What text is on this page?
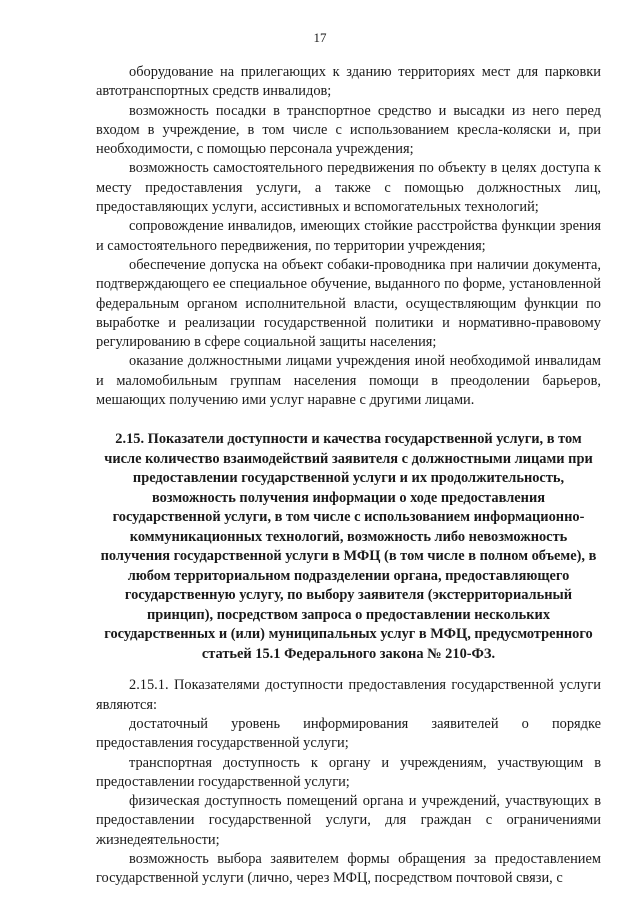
17

оборудование на прилегающих к зданию территориях мест для парковки автотранспортных средств инвалидов;

возможность посадки в транспортное средство и высадки из него перед входом в учреждение, в том числе с использованием кресла-коляски и, при необходимости, с помощью персонала учреждения;

возможность самостоятельного передвижения по объекту в целях доступа к месту предоставления услуги, а также с помощью должностных лиц, предоставляющих услуги, ассистивных и вспомогательных технологий;

сопровождение инвалидов, имеющих стойкие расстройства функции зрения и самостоятельного передвижения, по территории учреждения;

обеспечение допуска на объект собаки-проводника при наличии документа, подтверждающего ее специальное обучение, выданного по форме, установленной федеральным органом исполнительной власти, осуществляющим функции по выработке и реализации государственной политики и нормативно-правовому регулированию в сфере социальной защиты населения;

оказание должностными лицами учреждения иной необходимой инвалидам и маломобильным группам населения помощи в преодолении барьеров, мешающих получению ими услуг наравне с другими лицами.

2.15. Показатели доступности и качества государственной услуги, в том числе количество взаимодействий заявителя с должностными лицами при предоставлении государственной услуги и их продолжительность, возможность получения информации о ходе предоставления государственной услуги, в том числе с использованием информационно-коммуникационных технологий, возможность либо невозможность получения государственной услуги в МФЦ (в том числе в полном объеме), в любом территориальном подразделении органа, предоставляющего государственную услугу, по выбору заявителя (экстерриториальный принцип), посредством запроса о предоставлении нескольких государственных и (или) муниципальных услуг в МФЦ, предусмотренного статьей 15.1 Федерального закона № 210-ФЗ.

2.15.1. Показателями доступности предоставления государственной услуги являются:

достаточный уровень информирования заявителей о порядке предоставления государственной услуги;

транспортная доступность к органу и учреждениям, участвующим в предоставлении государственной услуги;

физическая доступность помещений органа и учреждений, участвующих в предоставлении государственной услуги, для граждан с ограничениями жизнедеятельности;

возможность выбора заявителем формы обращения за предоставлением государственной услуги (лично, через МФЦ, посредством почтовой связи, с
